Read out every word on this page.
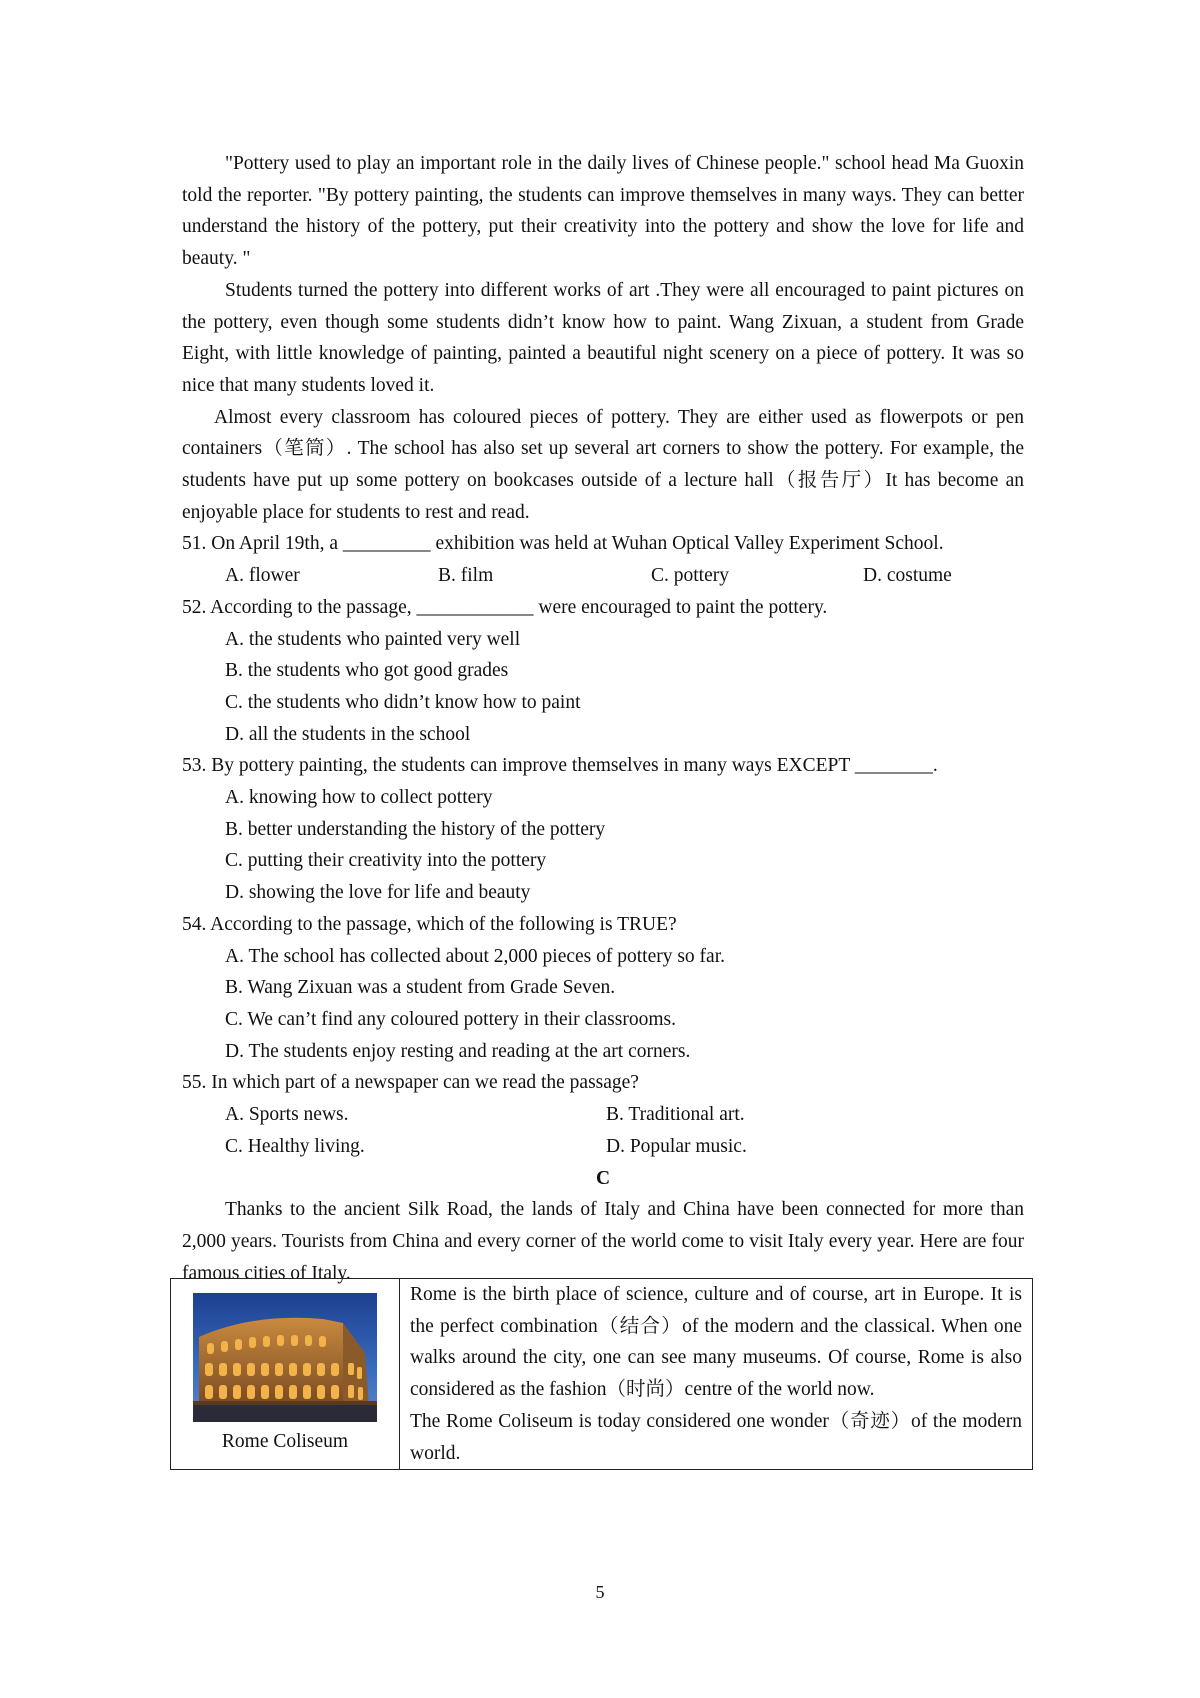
"Pottery used to play an important role in the daily lives of Chinese people." school head Ma Guoxin told the reporter. "By pottery painting, the students can improve themselves in many ways. They can better understand the history of the pottery, put their creativity into the pottery and show the love for life and beauty. "

Students turned the pottery into different works of art .They were all encouraged to paint pictures on the pottery, even though some students didn’t know how to paint. Wang Zixuan, a student from Grade Eight, with little knowledge of painting, painted a beautiful night scenery on a piece of pottery. It was so nice that many students loved it.

Almost every classroom has coloured pieces of pottery. They are either used as flowerpots or pen containers（笔筒）. The school has also set up several art corners to show the pottery. For example, the students have put up some pottery on bookcases outside of a lecture hall（报告厅）It has become an enjoyable place for students to rest and read.

51. On April 19th, a _________ exhibition was held at Wuhan Optical Valley Experiment School.

A. flower	B. film	C. pottery	D. costume

52. According to the passage, ____________ were encouraged to paint the pottery.

A. the students who painted very well

B. the students who got good grades

C. the students who didn’t know how to paint

D. all the students in the school

53. By pottery painting, the students can improve themselves in many ways EXCEPT ________.

A. knowing how to collect pottery

B. better understanding the history of the pottery

C. putting their creativity into the pottery

D. showing the love for life and beauty

54. According to the passage, which of the following is TRUE?

A. The school has collected about 2,000 pieces of pottery so far.

B. Wang Zixuan was a student from Grade Seven.

C. We can’t find any coloured pottery in their classrooms.

D. The students enjoy resting and reading at the art corners.

55. In which part of a newspaper can we read the passage?

A. Sports news.	B. Traditional art.
C. Healthy living.	D. Popular music.

C

Thanks to the ancient Silk Road, the lands of Italy and China have been connected for more than 2,000 years. Tourists from China and every corner of the world come to visit Italy every year. Here are four famous cities of Italy.

Rome Coliseum

Rome is the birth place of science, culture and of course, art in Europe. It is the perfect combination（结合）of the modern and the classical. When one walks around the city, one can see many museums. Of course, Rome is also considered as the fashion（时尚）centre of the world now.
The Rome Coliseum is today considered one wonder（奇迹）of the modern world.
5
